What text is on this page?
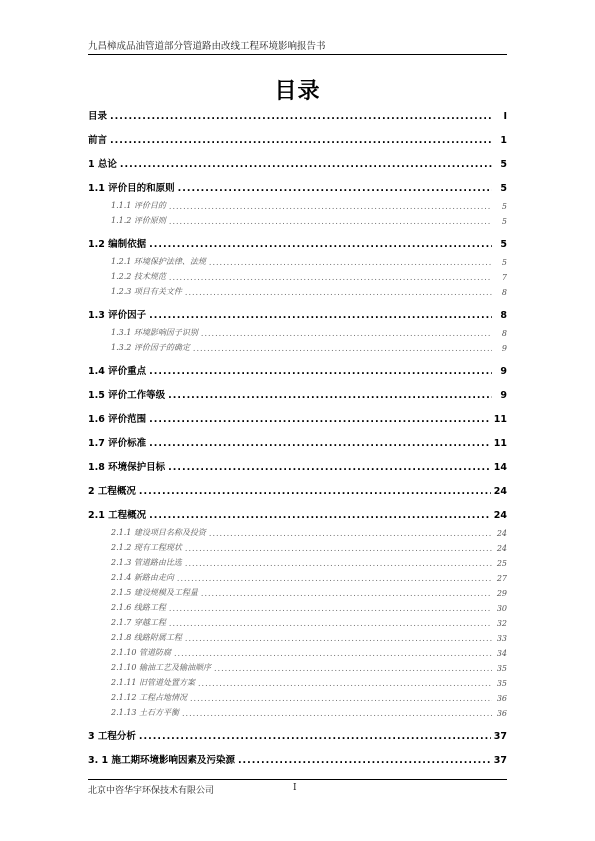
九昌樟成品油管道部分管道路由改线工程环境影响报告书
目录
目录 .....	I
前言 .....	1
1 总论 .....	5
1.1 评价目的和原则 .....	5
1.1.1 评价目的 .....	5
1.1.2 评价原则 .....	5
1.2 编制依据 .....	5
1.2.1 环境保护法律、法规 .....	5
1.2.2 技术规范 .....	7
1.2.3 项目有关文件 .....	8
1.3 评价因子 .....	8
1.3.1 环境影响因子识别 .....	8
1.3.2 评价因子的确定 .....	9
1.4 评价重点 .....	9
1.5 评价工作等级 .....	9
1.6 评价范围 .....	11
1.7 评价标准 .....	11
1.8 环境保护目标 .....	14
2 工程概况 .....	24
2.1 工程概况 .....	24
2.1.1 建设项目名称及投资 .....	24
2.1.2 现有工程现状 .....	24
2.1.3 管道路由比选 .....	25
2.1.4 新路由走向 .....	27
2.1.5 建设规模及工程量 .....	29
2.1.6 线路工程 .....	30
2.1.7 穿越工程 .....	32
2.1.8 线路附属工程 .....	33
2.1.10 管道防腐 .....	34
2.1.10 输油工艺及输油顺序 .....	35
2.1.11 旧管道处置方案 .....	35
2.1.12 工程占地情况 .....	36
2.1.13 土石方平衡 .....	36
3 工程分析 .....	37
3. 1 施工期环境影响因素及污染源 .....	37
北京中咨华宇环保技术有限公司	I
